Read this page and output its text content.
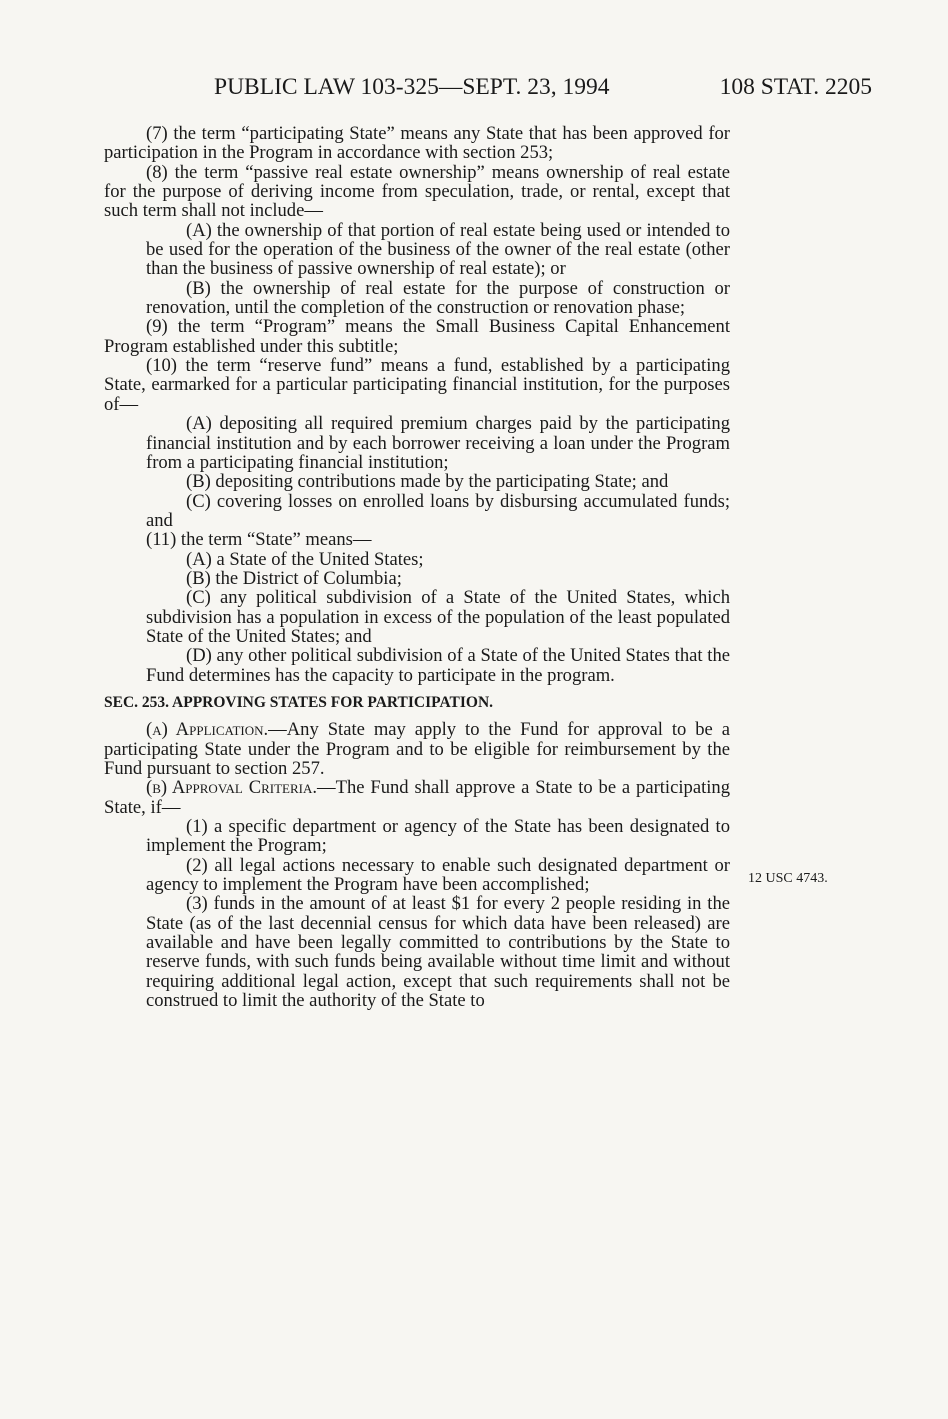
PUBLIC LAW 103-325—SEPT. 23, 1994	108 STAT. 2205

(7) the term “participating State” means any State that has been approved for participation in the Program in accordance with section 253;

(8) the term “passive real estate ownership” means ownership of real estate for the purpose of deriving income from speculation, trade, or rental, except that such term shall not include—

(A) the ownership of that portion of real estate being used or intended to be used for the operation of the business of the owner of the real estate (other than the business of passive ownership of real estate); or

(B) the ownership of real estate for the purpose of construction or renovation, until the completion of the construction or renovation phase;

(9) the term “Program” means the Small Business Capital Enhancement Program established under this subtitle;

(10) the term “reserve fund” means a fund, established by a participating State, earmarked for a particular participating financial institution, for the purposes of—

(A) depositing all required premium charges paid by the participating financial institution and by each borrower receiving a loan under the Program from a participating financial institution;

(B) depositing contributions made by the participating State; and

(C) covering losses on enrolled loans by disbursing accumulated funds; and

(11) the term “State” means—

(A) a State of the United States;

(B) the District of Columbia;

(C) any political subdivision of a State of the United States, which subdivision has a population in excess of the population of the least populated State of the United States; and

(D) any other political subdivision of a State of the United States that the Fund determines has the capacity to participate in the program.

SEC. 253. APPROVING STATES FOR PARTICIPATION.

(a) Application.—Any State may apply to the Fund for approval to be a participating State under the Program and to be eligible for reimbursement by the Fund pursuant to section 257.

(b) Approval Criteria.—The Fund shall approve a State to be a participating State, if—

(1) a specific department or agency of the State has been designated to implement the Program;

(2) all legal actions necessary to enable such designated department or agency to implement the Program have been accomplished;

(3) funds in the amount of at least $1 for every 2 people residing in the State (as of the last decennial census for which data have been released) are available and have been legally committed to contributions by the State to reserve funds, with such funds being available without time limit and without requiring additional legal action, except that such requirements shall not be construed to limit the authority of the State to

12 USC 4743.
